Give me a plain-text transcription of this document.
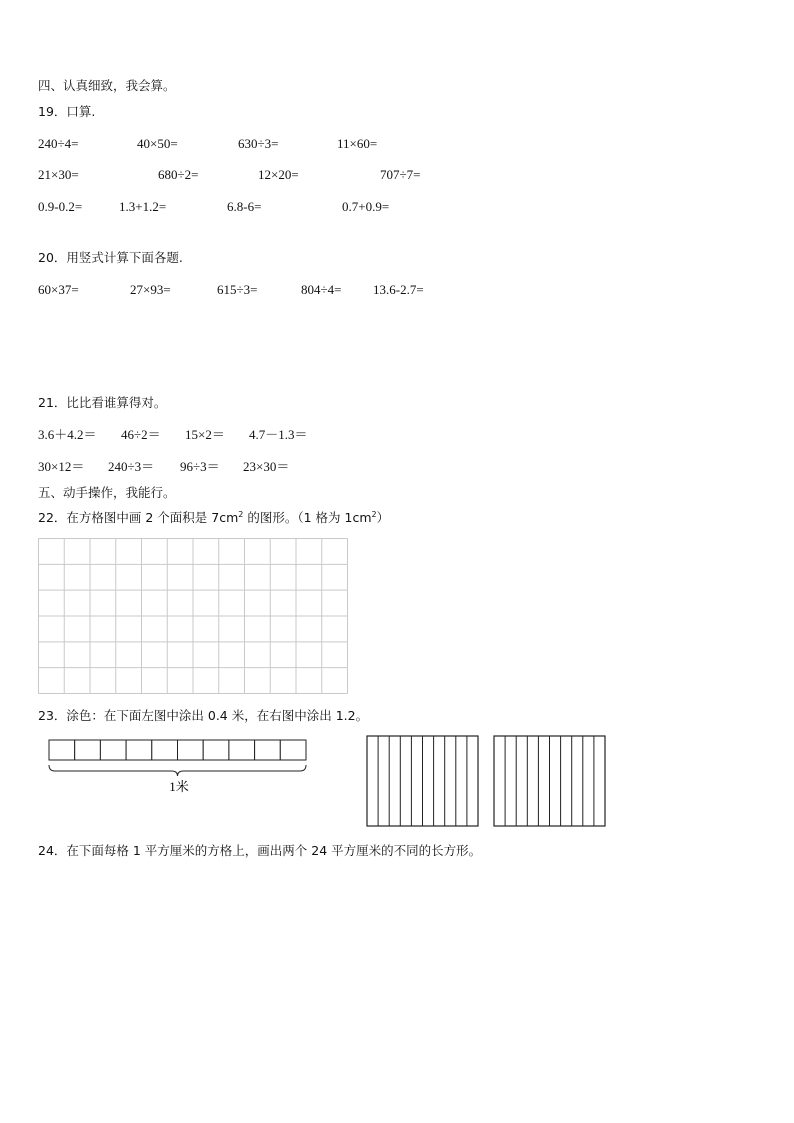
四、认真细致，我会算。
19．口算.
240÷4=	40×50=	630÷3=	11×60=
21×30=	680÷2=	12×20=	707÷7=
0.9-0.2=	1.3+1.2=	6.8-6=	0.7+0.9=
20．用竖式计算下面各题.
60×37=	27×93=	615÷3=	804÷4= 13.6-2.7=
21．比比看谁算得对。
3.6＋4.2＝ 46÷2＝ 15×2＝ 4.7－1.3＝
30×12＝ 240÷3＝ 96÷3＝ 23×30＝
五、动手操作，我能行。
22．在方格图中画 2 个面积是 $7cm^2$ 的图形。（1 格为 $1cm^2$）
23．涂色：在下面左图中涂出 0.4 米，在右图中涂出 1.2。
1米
24．在下面每格 1 平方厘米的方格上，画出两个 24 平方厘米的不同的长方形。
